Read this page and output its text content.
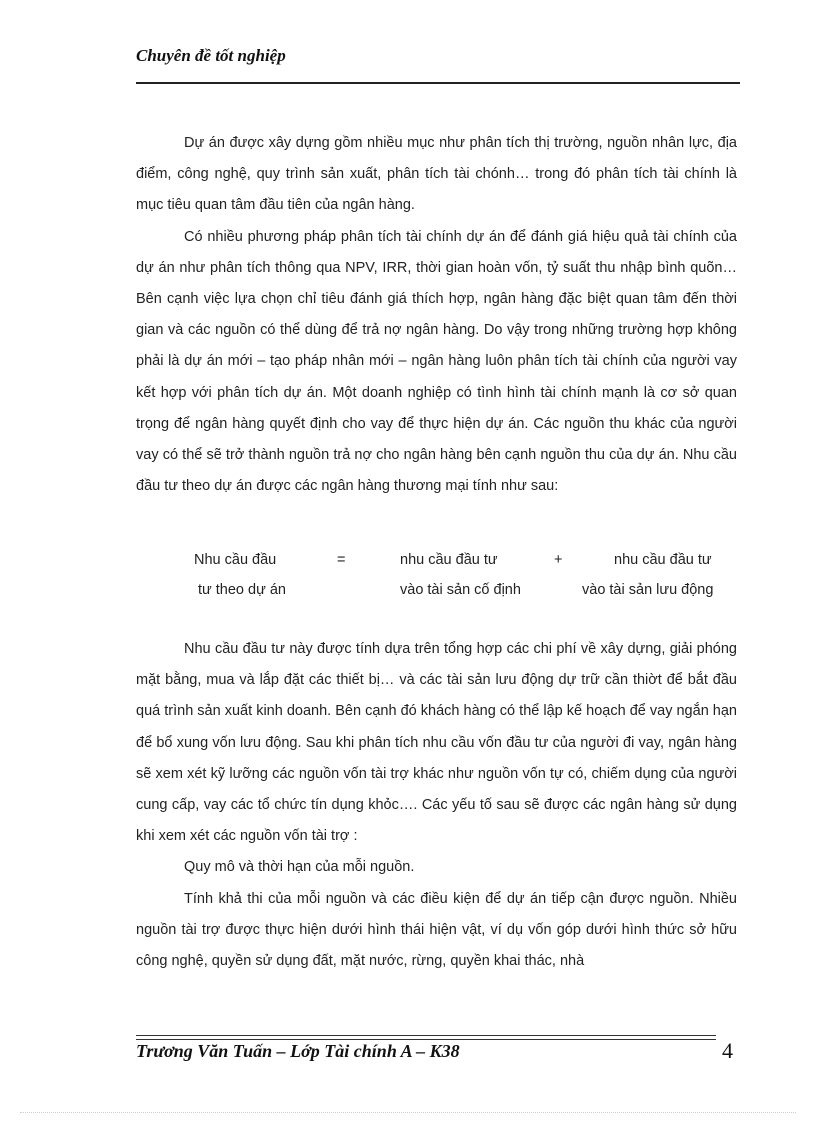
Chuyên đề tốt nghiệp

Dự án được xây dựng gồm nhiều mục như phân tích thị trường, nguồn nhân lực, địa điểm, công nghệ, quy trình sản xuất, phân tích tài chónh… trong đó phân tích tài chính là mục tiêu quan tâm đầu tiên của ngân hàng.

Có nhiều phương pháp phân tích tài chính dự án để đánh giá hiệu quả tài chính của dự án như phân tích thông qua NPV, IRR, thời gian hoàn vốn, tỷ suất thu nhập bình quõn… Bên cạnh việc lựa chọn chỉ tiêu đánh giá thích hợp, ngân hàng đặc biệt quan tâm đến thời gian và các nguồn có thể dùng để trả nợ ngân hàng. Do vậy trong những trường hợp không phải là dự án mới – tạo pháp nhân mới – ngân hàng luôn phân tích tài chính của người vay kết hợp với phân tích dự án. Một doanh nghiệp có tình hình tài chính mạnh là cơ sở quan trọng để ngân hàng quyết định cho vay để thực hiện dự án. Các nguồn thu khác của người vay có thể sẽ trở thành nguồn trả nợ cho ngân hàng bên cạnh nguồn thu của dự án. Nhu cầu đầu tư theo dự án được các ngân hàng thương mại tính như sau:

Nhu cầu đầu
tư theo dự án
=	nhu cầu đầu tư
vào tài sản cố định
+	nhu cầu đầu tư
vào tài sản lưu động

Nhu cầu đầu tư này được tính dựa trên tổng hợp các chi phí về xây dựng, giải phóng mặt bằng, mua và lắp đặt các thiết bị… và các tài sản lưu động dự trữ cần thiờt để bắt đầu quá trình sản xuất kinh doanh. Bên cạnh đó khách hàng có thể lập kế hoạch để vay ngắn hạn để bổ xung vốn lưu động. Sau khi phân tích nhu cầu vốn đầu tư của người đi vay, ngân hàng sẽ xem xét kỹ lưỡng các nguồn vốn tài trợ khác như nguồn vốn tự có, chiếm dụng của người cung cấp, vay các tổ chức tín dụng khỏc…. Các yếu tố sau sẽ được các ngân hàng sử dụng khi xem xét các nguồn vốn tài trợ :

Quy mô và thời hạn của mỗi nguồn.

Tính khả thi của mỗi nguồn và các điều kiện để dự án tiếp cận được nguồn. Nhiều nguồn tài trợ được thực hiện dưới hình thái hiện vật, ví dụ vốn góp dưới hình thức sở hữu công nghệ, quyền sử dụng đất, mặt nước, rừng, quyền khai thác, nhà

Trương Văn Tuấn – Lớp Tài chính A – K38	4
